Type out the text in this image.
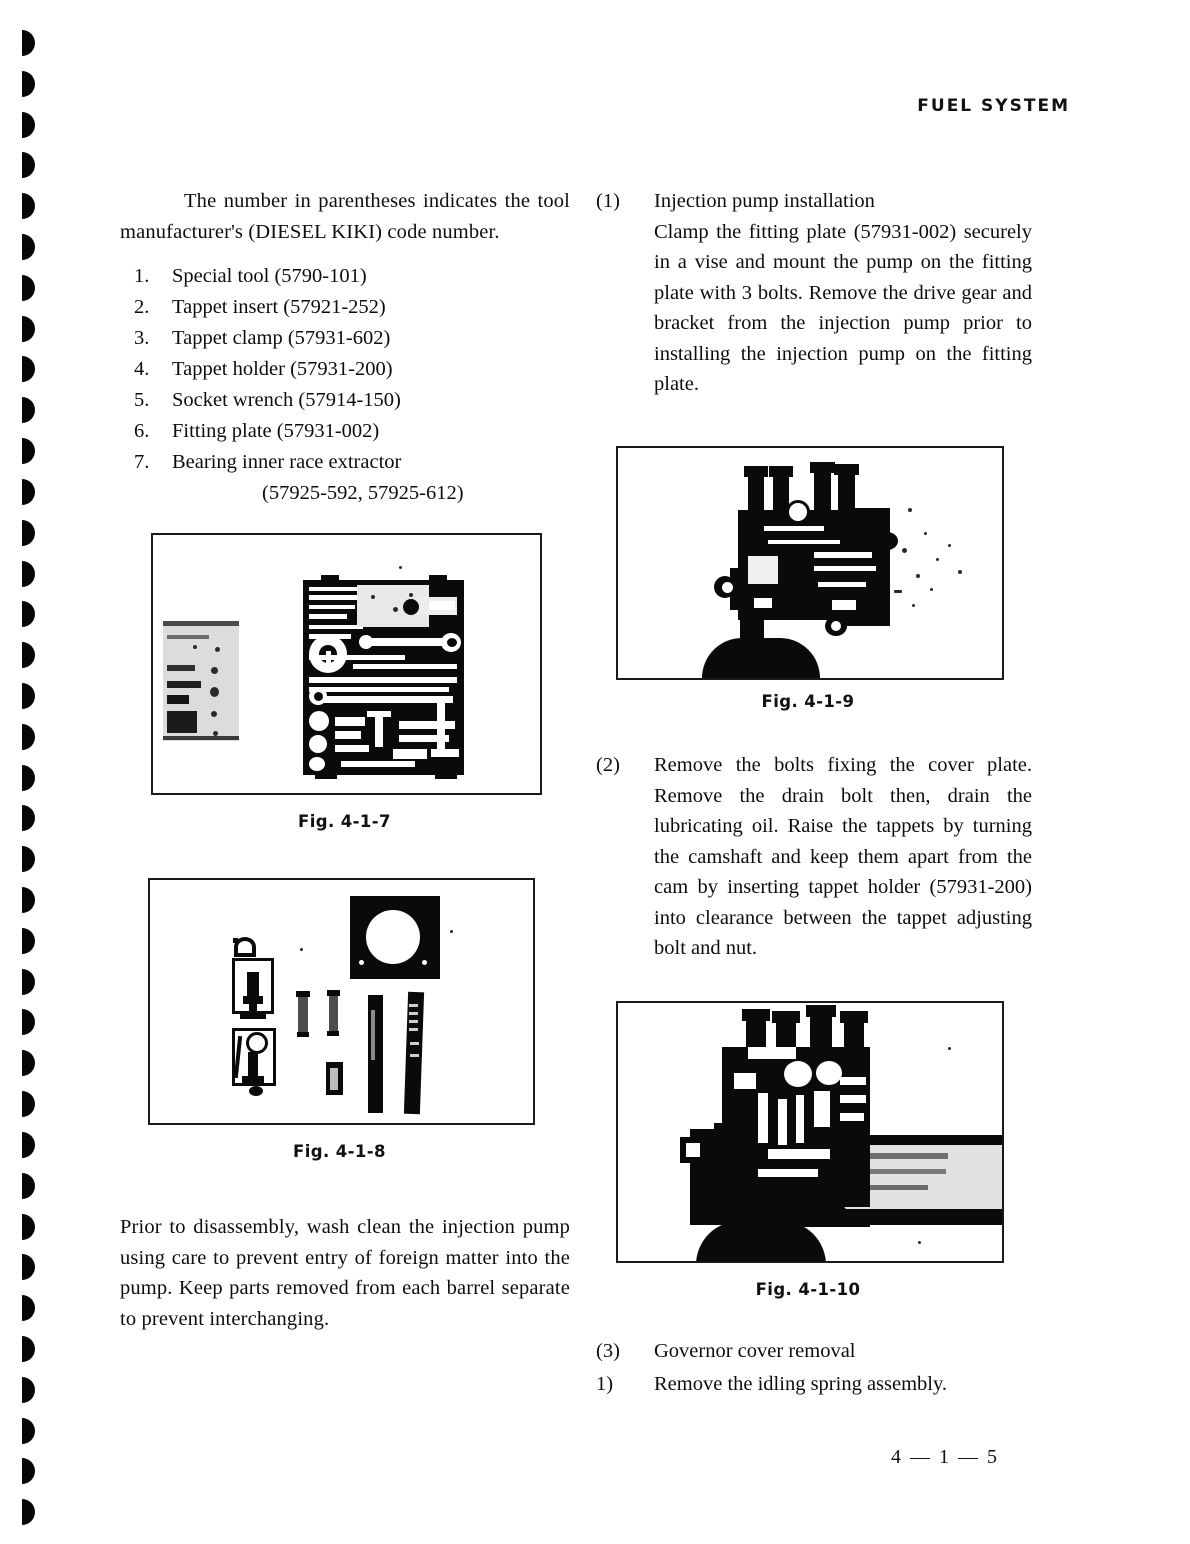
FUEL SYSTEM
The number in parentheses indicates the tool manufacturer's (DIESEL KIKI) code number.
1.	Special tool (5790-101)
2.	Tappet insert (57921-252)
3.	Tappet clamp (57931-602)
4.	Tappet holder (57931-200)
5.	Socket wrench (57914-150)
6.	Fitting plate (57931-002)
7.	Bearing inner race extractor
(57925-592, 57925-612)
Fig. 4-1-7
Fig. 4-1-8
Prior to disassembly, wash clean the injection pump using care to prevent entry of foreign matter into the pump. Keep parts removed from each barrel separate to prevent interchanging.
(1)	Injection pump installation
Clamp the fitting plate (57931-002) securely in a vise and mount the pump on the fitting plate with 3 bolts. Remove the drive gear and bracket from the injection pump prior to installing the injection pump on the fitting plate.
Fig. 4-1-9
(2)	Remove the bolts fixing the cover plate. Remove the drain bolt then, drain the lubricating oil. Raise the tappets by turning the camshaft and keep them apart from the cam by inserting tappet holder (57931-200) into clearance between the tappet adjusting bolt and nut.
Fig. 4-1-10
(3)	Governor cover removal
1)	Remove the idling spring assembly.
4 — 1 — 5
